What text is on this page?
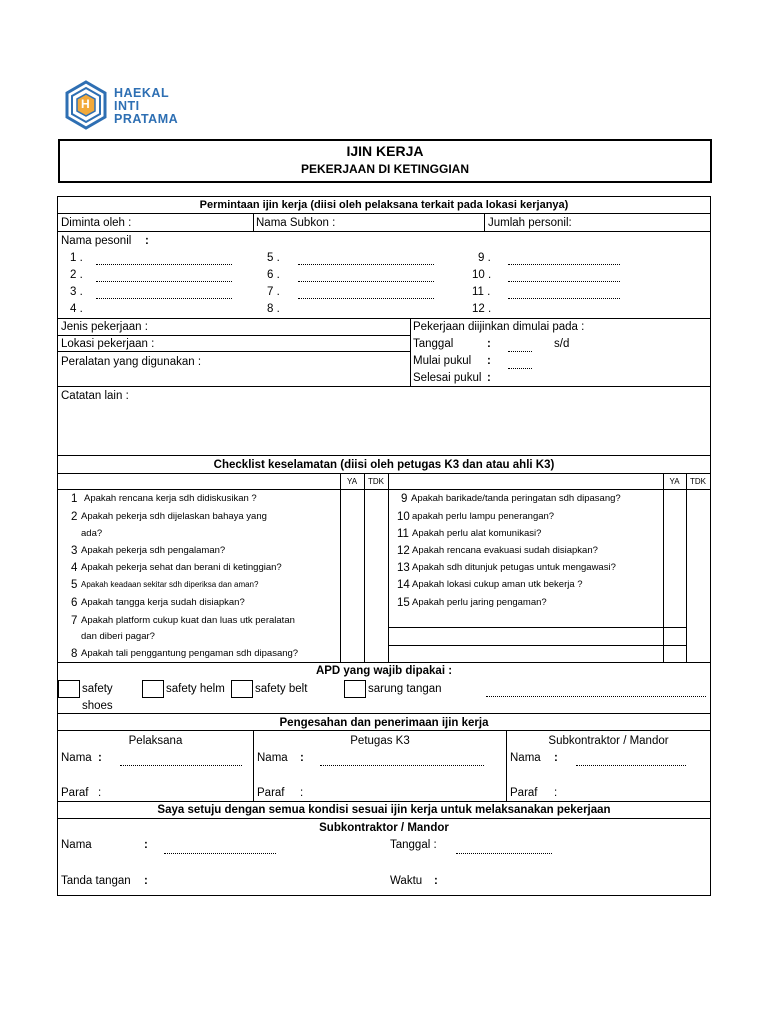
H
HAEKAL
INTI
PRATAMA
IJIN KERJA
PEKERJAAN DI KETINGGIAN
Permintaan ijin kerja (diisi oleh pelaksana terkait pada lokasi kerjanya)
Diminta oleh :	Nama Subkon :	Jumlah personil:
Nama pesonil :
1 .
2 .
3 .
4 .
5 .
6 .
7 .
8 .
9 .
10 .
11 .
12 .
Jenis pekerjaan :
Lokasi pekerjaan :
Peralatan yang digunakan :
Pekerjaan diijinkan dimulai pada :
Tanggal	:	s/d
Mulai pukul :
Selesai pukul :
Catatan lain :
Checklist keselamatan (diisi oleh petugas K3 dan atau ahli K3)
YA	TDK	YA	TDK
1 Apakah rencana kerja sdh didiskusikan ?
2 Apakah pekerja sdh dijelaskan bahaya yang
ada?
3 Apakah pekerja sdh pengalaman?
4 Apakah pekerja sehat dan berani di ketinggian?
5 Apakah keadaan sekitar sdh diperiksa dan aman?
6 Apakah tangga kerja sudah disiapkan?
7 Apakah platform cukup kuat dan luas utk peralatan
dan diberi pagar?
8 Apakah tali penggantung pengaman sdh dipasang?
9 Apakah barikade/tanda peringatan sdh dipasang?
10 apakah perlu lampu penerangan?
11 Apakah perlu alat komunikasi?
12 Apakah rencana evakuasi sudah disiapkan?
13 Apakah sdh ditunjuk petugas untuk mengawasi?
14 Apakah lokasi cukup aman utk bekerja ?
15 Apakah perlu jaring pengaman?
APD yang wajib dipakai :
safety
shoes
safety helm	safety belt	sarung tangan
Pengesahan dan penerimaan ijin kerja
Pelaksana	Petugas K3	Subkontraktor / Mandor
Nama :	Nama :	Nama :
Paraf :	Paraf :	Paraf :
Saya setuju dengan semua kondisi sesuai ijin kerja untuk melaksanakan pekerjaan
Subkontraktor / Mandor
Nama	:	Tanggal :
Tanda tangan :	Waktu :
